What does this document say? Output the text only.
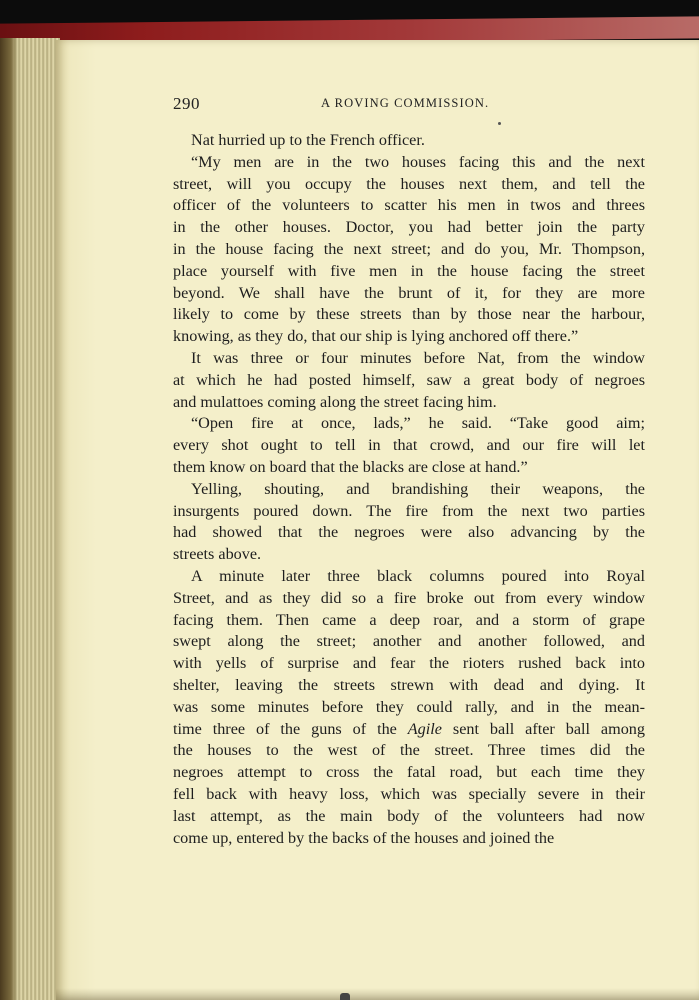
290	A ROVING COMMISSION.
Nat hurried up to the French officer.
“My men are in the two houses facing this and the next
street, will you occupy the houses next them, and tell the
officer of the volunteers to scatter his men in twos and threes
in the other houses. Doctor, you had better join the party
in the house facing the next street; and do you, Mr. Thompson,
place yourself with five men in the house facing the street
beyond. We shall have the brunt of it, for they are more
likely to come by these streets than by those near the harbour,
knowing, as they do, that our ship is lying anchored off there.”
It was three or four minutes before Nat, from the window
at which he had posted himself, saw a great body of negroes
and mulattoes coming along the street facing him.
“Open fire at once, lads,” he said. “Take good aim;
every shot ought to tell in that crowd, and our fire will let
them know on board that the blacks are close at hand.”
Yelling, shouting, and brandishing their weapons, the
insurgents poured down. The fire from the next two parties
had showed that the negroes were also advancing by the
streets above.
A minute later three black columns poured into Royal
Street, and as they did so a fire broke out from every window
facing them. Then came a deep roar, and a storm of grape
swept along the street; another and another followed, and
with yells of surprise and fear the rioters rushed back into
shelter, leaving the streets strewn with dead and dying. It
was some minutes before they could rally, and in the mean-
time three of the guns of the Agile sent ball after ball among
the houses to the west of the street. Three times did the
negroes attempt to cross the fatal road, but each time they
fell back with heavy loss, which was specially severe in their
last attempt, as the main body of the volunteers had now
come up, entered by the backs of the houses and joined the
